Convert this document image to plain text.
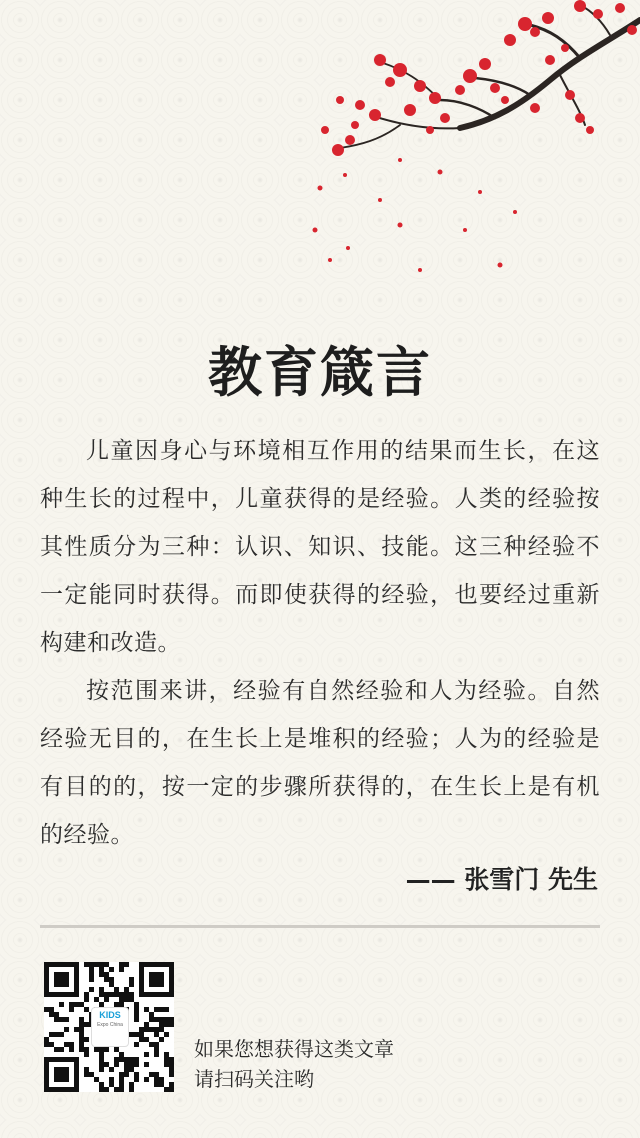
教育箴言

儿童因身心与环境相互作用的结果而生长，在这种生长的过程中，儿童获得的是经验。人类的经验按其性质分为三种：认识、知识、技能。这三种经验不一定能同时获得。而即使获得的经验，也要经过重新构建和改造。

按范围来讲，经验有自然经验和人为经验。自然经验无目的，在生长上是堆积的经验；人为的经验是有目的的，按一定的步骤所获得的，在生长上是有机的经验。

—— 张雪门 先生
KIDS
Expo China
如果您想获得这类文章
请扫码关注哟
